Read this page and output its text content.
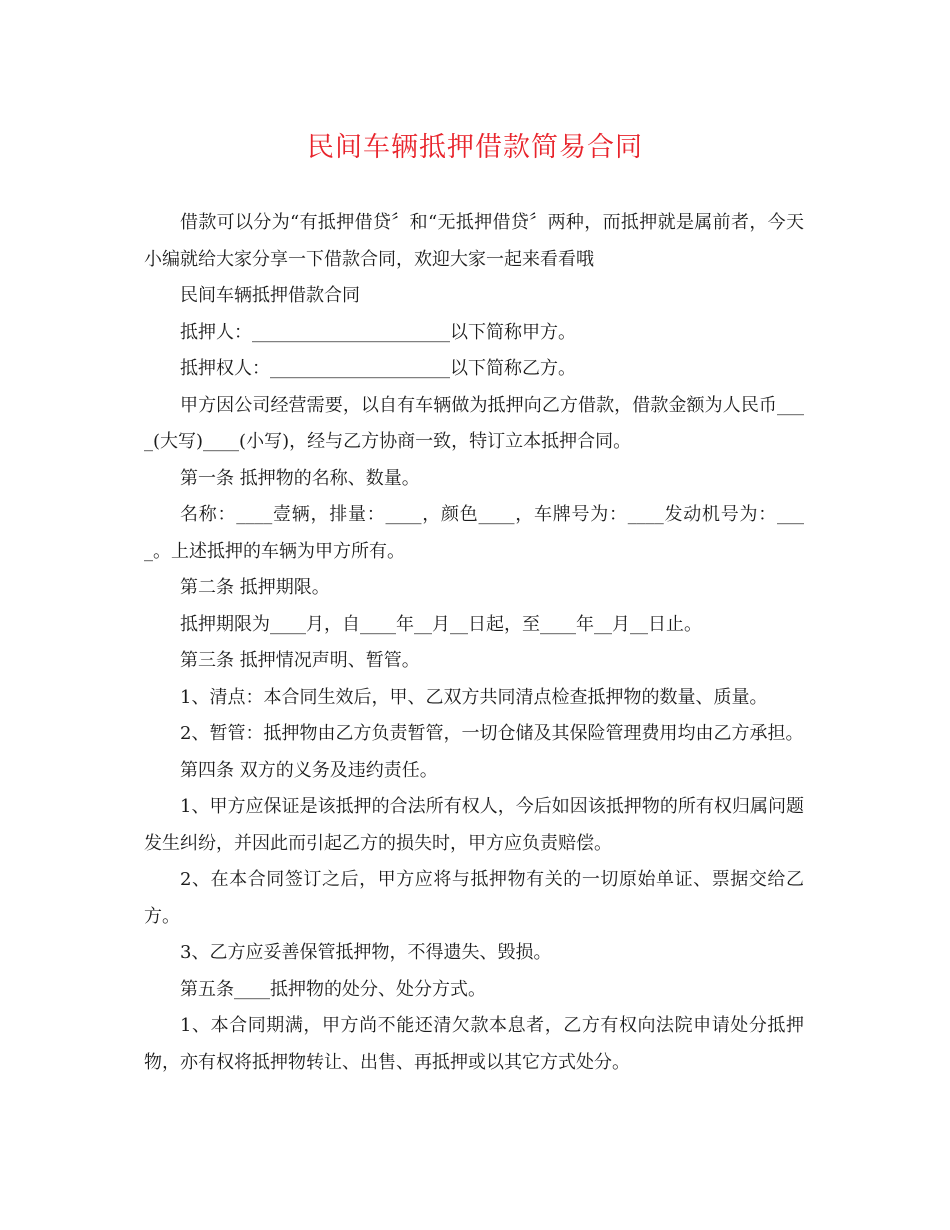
民间车辆抵押借款简易合同

借款可以分为“有抵押借贷〞和“无抵押借贷〞两种，而抵押就是属前者，今天小编就给大家分享一下借款合同，欢迎大家一起来看看哦

民间车辆抵押借款合同

抵押人：______________________以下简称甲方。

抵押权人：____________________以下简称乙方。

甲方因公司经营需要，以自有车辆做为抵押向乙方借款，借款金额为人民币____(大写)____(小写)，经与乙方协商一致，特订立本抵押合同。

第一条 抵押物的名称、数量。

名称：____壹辆，排量：____，颜色____，车牌号为：____发动机号为：____。上述抵押的车辆为甲方所有。

第二条 抵押期限。

抵押期限为____月，自____年__月__日起，至____年__月__日止。

第三条 抵押情况声明、暂管。

1、清点：本合同生效后，甲、乙双方共同清点检查抵押物的数量、质量。

2、暂管：抵押物由乙方负责暂管，一切仓储及其保险管理费用均由乙方承担。

第四条 双方的义务及违约责任。

1、甲方应保证是该抵押的合法所有权人，今后如因该抵押物的所有权归属问题发生纠纷，并因此而引起乙方的损失时，甲方应负责赔偿。

2、在本合同签订之后，甲方应将与抵押物有关的一切原始单证、票据交给乙方。

3、乙方应妥善保管抵押物，不得遗失、毁损。

第五条____抵押物的处分、处分方式。

1、本合同期满，甲方尚不能还清欠款本息者，乙方有权向法院申请处分抵押物，亦有权将抵押物转让、出售、再抵押或以其它方式处分。
